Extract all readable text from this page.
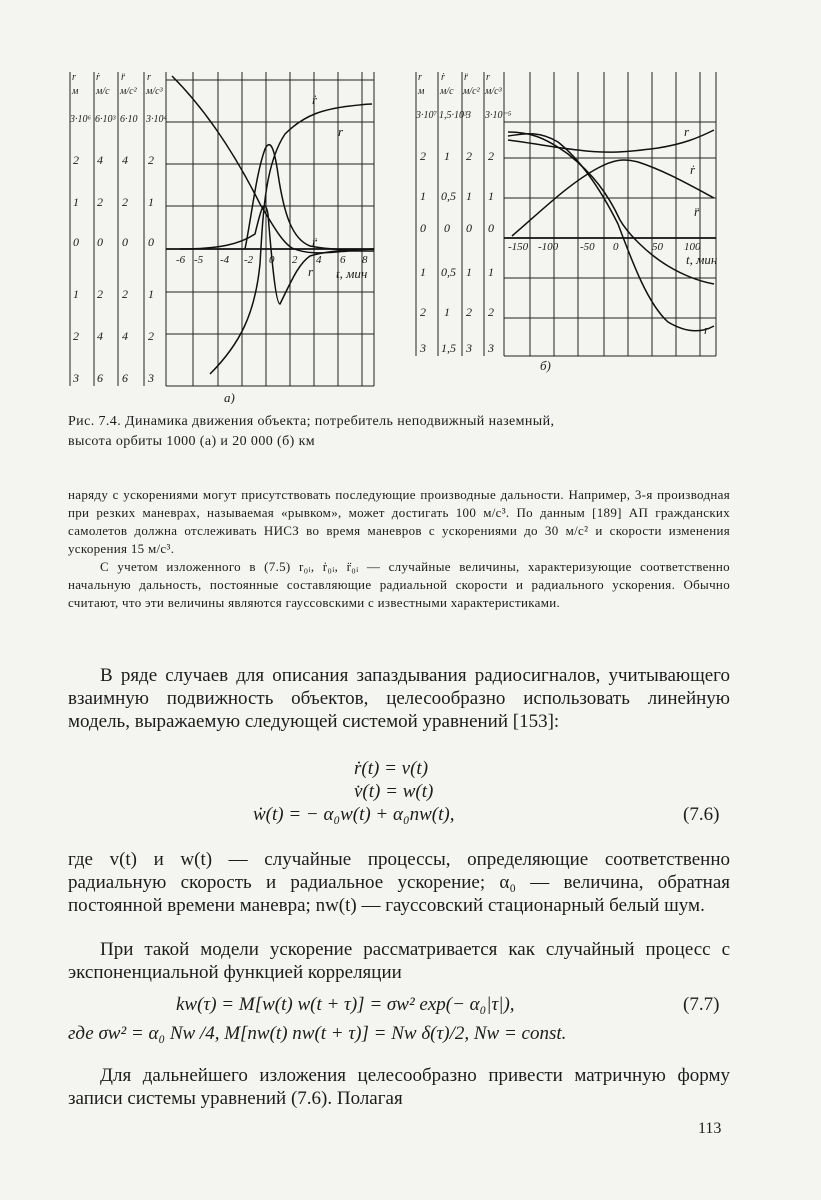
r
м
3·10⁶
ṙ
м/с
6·10³
r̈
м/с²
6·10
r⃛
м/с³
3·10⁴
2 4 4 2
1 2 2 1
0 0 0 0
1 2 2 1
2 4 4 2
3 6 6 3
-6 -5 -4 -2 0 2 4 6 8
t, мин
ṙ
r
r̈
r⃛
а)
r
м
3·10⁷
ṙ
м/с
1,5·10³
r̈
м/с²
3
r⃛
м/с³
3·10⁻⁵
2 1 2 2
1 0,5 1 1
0 0 0 0
1 0,5 1 1
2 1 2 2
3 1,5 3 3
-150 -100 -50 0	50 100
t, мин
r
ṙ
r̈
r⃛
б)
Рис. 7.4. Динамика движения объекта; потребитель неподвижный наземный,
высота орбиты 1000 (а) и 20 000 (б) км

наряду с ускорениями могут присутствовать последующие производные дальности. Например, 3-я производная при резких маневрах, называемая «рывком», может достигать 100 м/с³. По данным [189] АП гражданских самолетов должна отслеживать НИСЗ во время маневров с ускорениями до 30 м/с² и скорости изменения ускорения 15 м/с³.

С учетом изложенного в (7.5) r₀ᵢ, ṙ₀ᵢ, r̈₀ᵢ — случайные величины, характеризующие соответственно начальную дальность, постоянные составляющие радиальной скорости и радиального ускорения. Обычно считают, что эти величины являются гауссовскими с известными характеристиками.

В ряде случаев для описания запаздывания радиосигналов, учитывающего взаимную подвижность объектов, целесообразно использовать линейную модель, выражаемую следующей системой уравнений [153]:

ṙ(t) = v(t)
v̇(t) = w(t)
ẇ(t) = − α₀w(t) + α₀nw(t),	(7.6)

где v(t) и w(t) — случайные процессы, определяющие соответственно радиальную скорость и радиальное ускорение; α₀ — величина, обратная постоянной времени маневра; nw(t) — гауссовский стационарный белый шум.

При такой модели ускорение рассматривается как случайный процесс с экспоненциальной функцией корреляции

kw(τ) = M[w(t) w(t + τ)] = σw² exp(− α₀|τ|),	(7.7)
где σw² = α₀ Nw /4, M[nw(t) nw(t + τ)] = Nw δ(τ)/2, Nw = const.

Для дальнейшего изложения целесообразно привести матричную форму записи системы уравнений (7.6). Полагая

113
